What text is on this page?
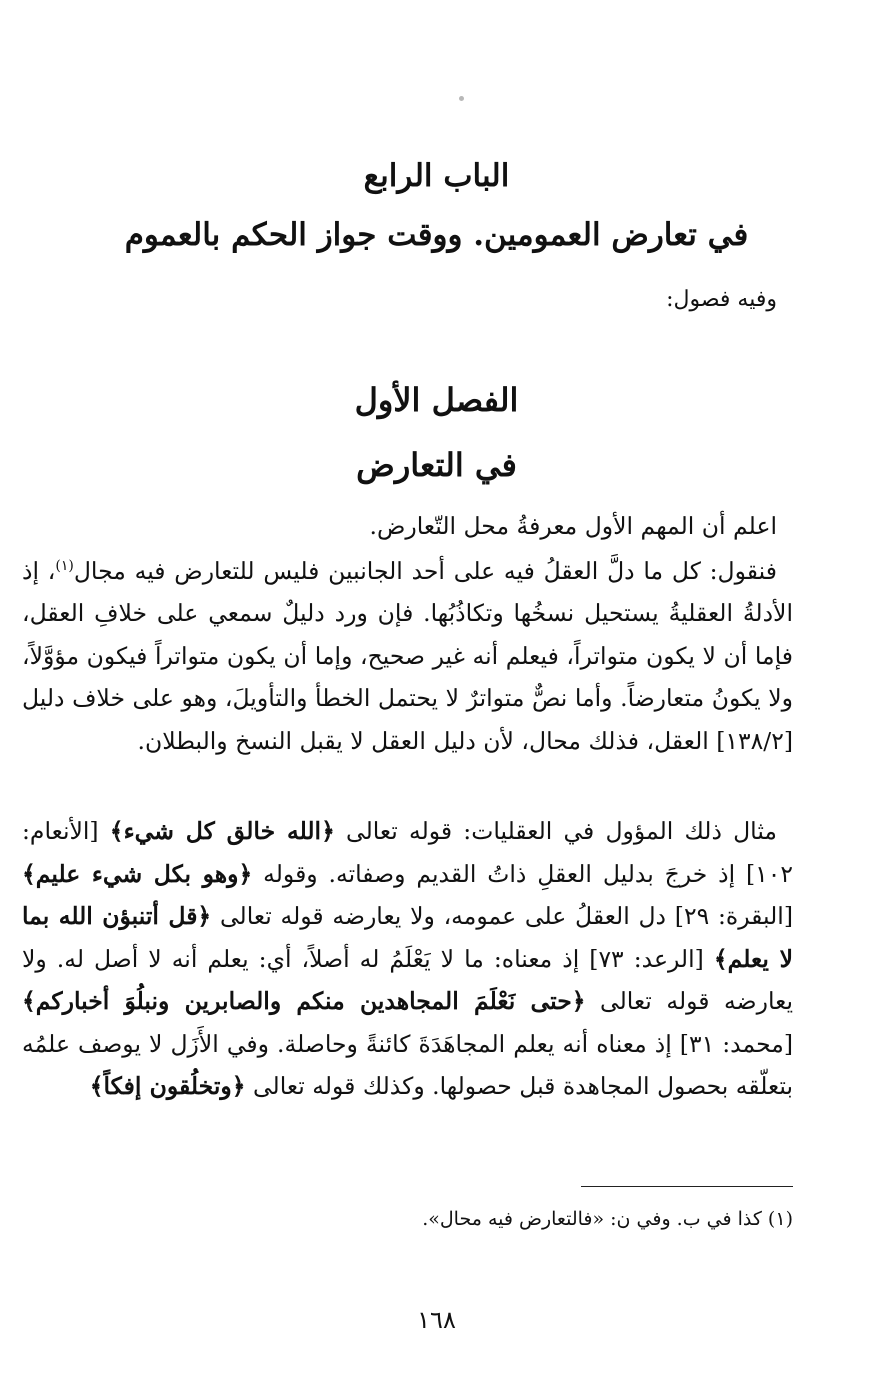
الباب الرابع
في تعارض العمومين. ووقت جواز الحكم بالعموم
وفيه فصول:
الفصل الأول
في التعارض
اعلم أن المهم الأول معرفةُ محل التّعارض.
فنقول: كل ما دلَّ العقلُ فيه على أحد الجانبين فليس للتعارض فيه مجال$^{(١)}$، إذ الأدلةُ العقليةُ يستحيل نسخُها وتكاذُبُها. فإن ورد دليلٌ سمعي على خلافِ العقل، فإما أن لا يكون متواتراً، فيعلم أنه غير صحيح، وإما أن يكون متواتراً فيكون مؤوَّلاً، ولا يكونُ متعارضاً. وأما نصٌّ متواترٌ لا يحتمل الخطأ والتأويلَ، وهو على خلاف دليل [١٣٨/٢] العقل، فذلك محال، لأن دليل العقل لا يقبل النسخ والبطلان.
مثال ذلك المؤول في العقليات: قوله تعالى ﴿الله خالق كل شيء﴾ [الأنعام: ١٠٢] إذ خرجَ بدليل العقلِ ذاتُ القديم وصفاته. وقوله ﴿وهو بكل شيء عليم﴾ [البقرة: ٢٩] دل العقلُ على عمومه، ولا يعارضه قوله تعالى ﴿قل أتنبؤن الله بما لا يعلم﴾ [الرعد: ٧٣] إذ معناه: ما لا يَعْلَمُ له أصلاً، أي: يعلم أنه لا أصل له. ولا يعارضه قوله تعالى ﴿حتى نَعْلَمَ المجاهدين منكم والصابرين ونبلُوَ أخباركم﴾ [محمد: ٣١] إذ معناه أنه يعلم المجاهَدَةَ كائنةً وحاصلة. وفي الأَزَل لا يوصف علمُه بتعلّقه بحصول المجاهدة قبل حصولها. وكذلك قوله تعالى ﴿وتخلُقون إفكاً﴾
(١) كذا في ب. وفي ن: «فالتعارض فيه محال».
١٦٨
